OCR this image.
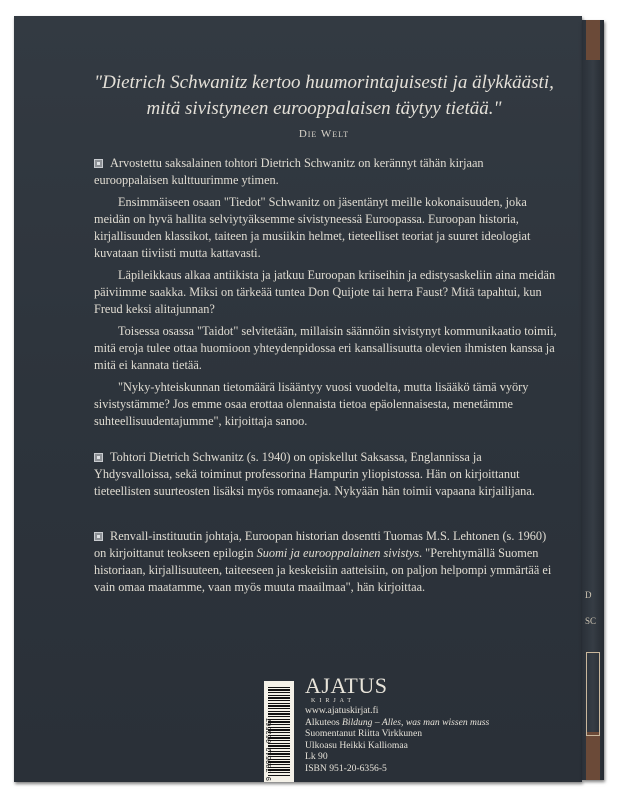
"Dietrich Schwanitz kertoo huumorintajuisesti ja älykkäästi,
mitä sivistyneen eurooppalaisen täytyy tietää."

Die Welt

Arvostettu saksalainen tohtori Dietrich Schwanitz on kerännyt tähän kirjaan eurooppalaisen kulttuurimme ytimen.

Ensimmäiseen osaan "Tiedot" Schwanitz on jäsentänyt meille kokonaisuuden, joka meidän on hyvä hallita selviytyäksemme sivistyneessä Euroopassa. Euroopan historia, kirjallisuuden klassikot, taiteen ja musiikin helmet, tieteelliset teoriat ja suuret ideologiat kuvataan tiiviisti mutta kattavasti.

Läpileikkaus alkaa antiikista ja jatkuu Euroopan kriiseihin ja edistysaskeliin aina meidän päiviimme saakka. Miksi on tärkeää tuntea Don Quijote tai herra Faust? Mitä tapahtui, kun Freud keksi alitajunnan?

Toisessa osassa "Taidot" selvitetään, millaisin säännöin sivistynyt kommunikaatio toimii, mitä eroja tulee ottaa huomioon yhteydenpidossa eri kansallisuutta olevien ihmisten kanssa ja mitä ei kannata tietää.

"Nyky-yhteiskunnan tietomäärä lisääntyy vuosi vuodelta, mutta lisääkö tämä vyöry sivistystämme? Jos emme osaa erottaa olennaista tietoa epäolennaisesta, menetämme suhteellisuudentajumme", kirjoittaja sanoo.

Tohtori Dietrich Schwanitz (s. 1940) on opiskellut Saksassa, Englannissa ja Yhdysvalloissa, sekä toiminut professorina Hampurin yliopistossa. Hän on kirjoittanut tieteellisten suurteosten lisäksi myös romaaneja. Nykyään hän toimii vapaana kirjailijana.

Renvall-instituutin johtaja, Euroopan historian dosentti Tuomas M.S. Lehtonen (s. 1960) on kirjoittanut teokseen epilogin Suomi ja eurooppalainen sivistys. "Perehtymällä Suomen historiaan, kirjallisuuteen, taiteeseen ja keskeisiin aatteisiin, on paljon helpompi ymmärtää ei vain omaa maatamme, vaan myös muuta maailmaa", hän kirjoittaa.

9 789512 063567
AJATUS
KIRJAT
www.ajatuskirjat.fi
Alkuteos Bildung – Alles, was man wissen muss
Suomentanut Riitta Virkkunen
Ulkoasu Heikki Kalliomaa
Lk 90
ISBN 951-20-6356-5
D
SC
